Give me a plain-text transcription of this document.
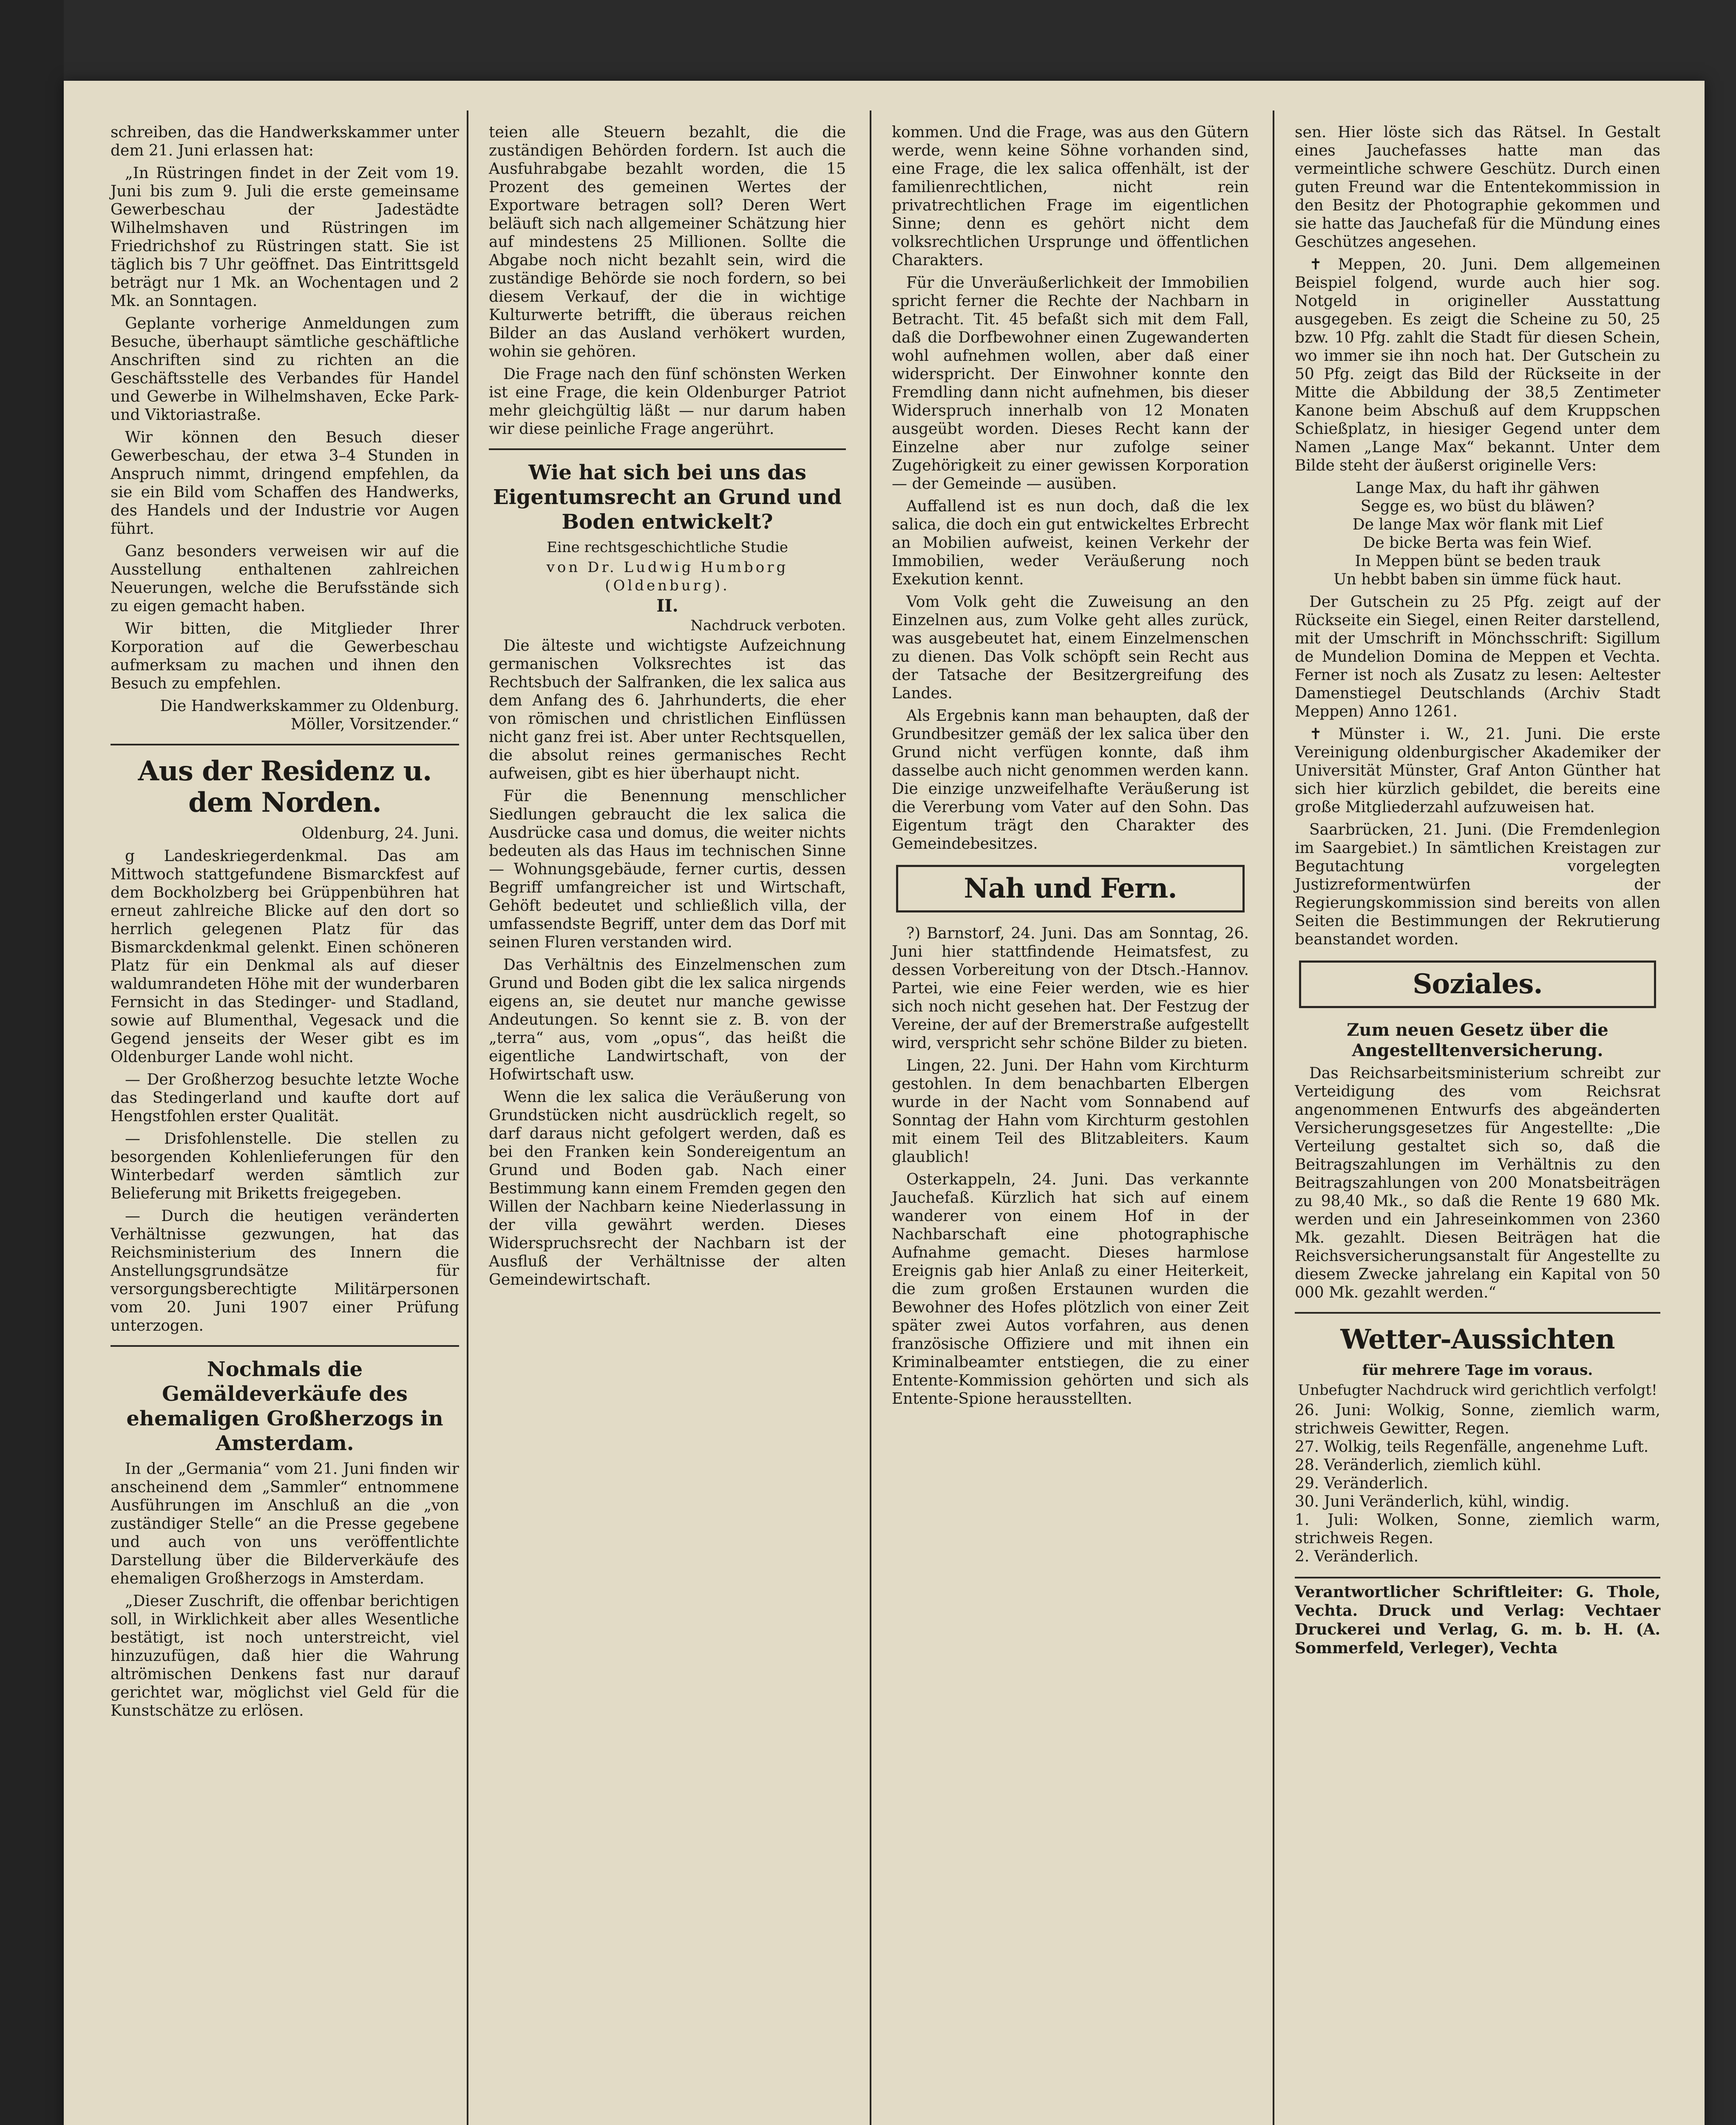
schreiben, das die Handwerkskammer unter dem 21. Juni erlassen hat:

„In Rüstringen findet in der Zeit vom 19. Juni bis zum 9. Juli die erste gemeinsame Gewerbeschau der Jadestädte Wilhelmshaven und Rüstringen im Friedrichshof zu Rüstringen statt. Sie ist täglich bis 7 Uhr geöffnet. Das Eintrittsgeld beträgt nur 1 Mk. an Wochentagen und 2 Mk. an Sonntagen.

Geplante vorherige Anmeldungen zum Besuche, überhaupt sämtliche geschäftliche Anschriften sind zu richten an die Geschäftsstelle des Verbandes für Handel und Gewerbe in Wilhelmshaven, Ecke Park- und Viktoriastraße.

Wir können den Besuch dieser Gewerbeschau, der etwa 3–4 Stunden in Anspruch nimmt, dringend empfehlen, da sie ein Bild vom Schaffen des Handwerks, des Handels und der Industrie vor Augen führt.

Ganz besonders verweisen wir auf die Ausstellung enthaltenen zahlreichen Neuerungen, welche die Berufsstände sich zu eigen gemacht haben.

Wir bitten, die Mitglieder Ihrer Korporation auf die Gewerbeschau aufmerksam zu machen und ihnen den Besuch zu empfehlen.

Die Handwerkskammer zu Oldenburg. Möller, Vorsitzender.“

Aus der Residenz u. dem Norden.

Oldenburg, 24. Juni.

g Landeskriegerdenkmal. Das am Mittwoch stattgefundene Bismarckfest auf dem Bockholzberg bei Grüppenbühren hat erneut zahlreiche Blicke auf den dort so herrlich gelegenen Platz für das Bismarckdenkmal gelenkt. Einen schöneren Platz für ein Denkmal als auf dieser waldumrandeten Höhe mit der wunderbaren Fernsicht in das Stedinger- und Stadland, sowie auf Blumenthal, Vegesack und die Gegend jenseits der Weser gibt es im Oldenburger Lande wohl nicht.

— Der Großherzog besuchte letzte Woche das Stedingerland und kaufte dort auf Hengstfohlen erster Qualität.

— Drisfohlenstelle. Die stellen zu besorgenden Kohlenlieferungen für den Winterbedarf werden sämtlich zur Belieferung mit Briketts freigegeben.

— Durch die heutigen veränderten Verhältnisse gezwungen, hat das Reichsministerium des Innern die Anstellungsgrundsätze für versorgungsberechtigte Militärpersonen vom 20. Juni 1907 einer Prüfung unterzogen.

Nochmals die Gemäldeverkäufe des ehemaligen Großherzogs in Amsterdam.

In der „Germania“ vom 21. Juni finden wir anscheinend dem „Sammler“ entnommene Ausführungen im Anschluß an die „von zuständiger Stelle“ an die Presse gegebene und auch von uns veröffentlichte Darstellung über die Bilderverkäufe des ehemaligen Großherzogs in Amsterdam.

„Dieser Zuschrift, die offenbar berichtigen soll, in Wirklichkeit aber alles Wesentliche bestätigt, ist noch unterstreicht, viel hinzuzufügen, daß hier die Wahrung altrömischen Denkens fast nur darauf gerichtet war, möglichst viel Geld für die Kunstschätze zu erlösen.

teien alle Steuern bezahlt, die die zuständigen Behörden fordern. Ist auch die Ausfuhrabgabe bezahlt worden, die 15 Prozent des gemeinen Wertes der Exportware betragen soll? Deren Wert beläuft sich nach allgemeiner Schätzung hier auf mindestens 25 Millionen. Sollte die Abgabe noch nicht bezahlt sein, wird die zuständige Behörde sie noch fordern, so bei diesem Verkauf, der die in wichtige Kulturwerte betrifft, die überaus reichen Bilder an das Ausland verhökert wurden, wohin sie gehören.

Die Frage nach den fünf schönsten Werken ist eine Frage, die kein Oldenburger Patriot mehr gleichgültig läßt — nur darum haben wir diese peinliche Frage angerührt.

Wie hat sich bei uns das Eigentumsrecht an Grund und Boden entwickelt?
Eine rechtsgeschichtliche Studie
von Dr. Ludwig Humborg (Oldenburg).
II.
Nachdruck verboten.

Die älteste und wichtigste Aufzeichnung germanischen Volksrechtes ist das Rechtsbuch der Salfranken, die lex salica aus dem Anfang des 6. Jahrhunderts, die eher von römischen und christlichen Einflüssen nicht ganz frei ist. Aber unter Rechtsquellen, die absolut reines germanisches Recht aufweisen, gibt es hier überhaupt nicht.

Für die Benennung menschlicher Siedlungen gebraucht die lex salica die Ausdrücke casa und domus, die weiter nichts bedeuten als das Haus im technischen Sinne — Wohnungsgebäude, ferner curtis, dessen Begriff umfangreicher ist und Wirtschaft, Gehöft bedeutet und schließlich villa, der umfassendste Begriff, unter dem das Dorf mit seinen Fluren verstanden wird.

Das Verhältnis des Einzelmenschen zum Grund und Boden gibt die lex salica nirgends eigens an, sie deutet nur manche gewisse Andeutungen. So kennt sie z. B. von der „terra“ aus, vom „opus“, das heißt die eigentliche Landwirtschaft, von der Hofwirtschaft usw.

Wenn die lex salica die Veräußerung von Grundstücken nicht ausdrücklich regelt, so darf daraus nicht gefolgert werden, daß es bei den Franken kein Sondereigentum an Grund und Boden gab. Nach einer Bestimmung kann einem Fremden gegen den Willen der Nachbarn keine Niederlassung in der villa gewährt werden. Dieses Widerspruchsrecht der Nachbarn ist der Ausfluß der Verhältnisse der alten Gemeindewirtschaft.

kommen. Und die Frage, was aus den Gütern werde, wenn keine Söhne vorhanden sind, eine Frage, die lex salica offenhält, ist der familienrechtlichen, nicht rein privatrechtlichen Frage im eigentlichen Sinne; denn es gehört nicht dem volksrechtlichen Ursprunge und öffentlichen Charakters.

Für die Unveräußerlichkeit der Immobilien spricht ferner die Rechte der Nachbarn in Betracht. Tit. 45 befaßt sich mit dem Fall, daß die Dorfbewohner einen Zugewanderten wohl aufnehmen wollen, aber daß einer widerspricht. Der Einwohner konnte den Fremdling dann nicht aufnehmen, bis dieser Widerspruch innerhalb von 12 Monaten ausgeübt worden. Dieses Recht kann der Einzelne aber nur zufolge seiner Zugehörigkeit zu einer gewissen Korporation — der Gemeinde — ausüben.

Auffallend ist es nun doch, daß die lex salica, die doch ein gut entwickeltes Erbrecht an Mobilien aufweist, keinen Verkehr der Immobilien, weder Veräußerung noch Exekution kennt.

Vom Volk geht die Zuweisung an den Einzelnen aus, zum Volke geht alles zurück, was ausgebeutet hat, einem Einzelmenschen zu dienen. Das Volk schöpft sein Recht aus der Tatsache der Besitzergreifung des Landes.

Als Ergebnis kann man behaupten, daß der Grundbesitzer gemäß der lex salica über den Grund nicht verfügen konnte, daß ihm dasselbe auch nicht genommen werden kann. Die einzige unzweifelhafte Veräußerung ist die Vererbung vom Vater auf den Sohn. Das Eigentum trägt den Charakter des Gemeindebesitzes.

Nah und Fern.

?) Barnstorf, 24. Juni. Das am Sonntag, 26. Juni hier stattfindende Heimatsfest, zu dessen Vorbereitung von der Dtsch.-Hannov. Partei, wie eine Feier werden, wie es hier sich noch nicht gesehen hat. Der Festzug der Vereine, der auf der Bremerstraße aufgestellt wird, verspricht sehr schöne Bilder zu bieten.

Lingen, 22. Juni. Der Hahn vom Kirchturm gestohlen. In dem benachbarten Elbergen wurde in der Nacht vom Sonnabend auf Sonntag der Hahn vom Kirchturm gestohlen mit einem Teil des Blitzableiters. Kaum glaublich!

Osterkappeln, 24. Juni. Das verkannte Jauchefaß. Kürzlich hat sich auf einem wanderer von einem Hof in der Nachbarschaft eine photographische Aufnahme gemacht. Dieses harmlose Ereignis gab hier Anlaß zu einer Heiterkeit, die zum großen Erstaunen wurden die Bewohner des Hofes plötzlich von einer Zeit später zwei Autos vorfahren, aus denen französische Offiziere und mit ihnen ein Kriminalbeamter entstiegen, die zu einer Entente-Kommission gehörten und sich als Entente-Spione herausstellten.

sen. Hier löste sich das Rätsel. In Gestalt eines Jauchefasses hatte man das vermeintliche schwere Geschütz. Durch einen guten Freund war die Ententekommission in den Besitz der Photographie gekommen und sie hatte das Jauchefaß für die Mündung eines Geschützes angesehen.

✝ Meppen, 20. Juni. Dem allgemeinen Beispiel folgend, wurde auch hier sog. Notgeld in origineller Ausstattung ausgegeben. Es zeigt die Scheine zu 50, 25 bzw. 10 Pfg. zahlt die Stadt für diesen Schein, wo immer sie ihn noch hat. Der Gutschein zu 50 Pfg. zeigt das Bild der Rückseite in der Mitte die Abbildung der 38,5 Zentimeter Kanone beim Abschuß auf dem Kruppschen Schießplatz, in hiesiger Gegend unter dem Namen „Lange Max“ bekannt. Unter dem Bilde steht der äußerst originelle Vers:

Lange Max, du haft ihr gähwen

Segge es, wo büst du bläwen?

De lange Max wör flank mit Lief

De bicke Berta was fein Wief.

In Meppen bünt se beden trauk

Un hebbt baben sin ümme fück haut.

Der Gutschein zu 25 Pfg. zeigt auf der Rückseite ein Siegel, einen Reiter darstellend, mit der Umschrift in Mönchsschrift: Sigillum de Mundelion Domina de Meppen et Vechta. Ferner ist noch als Zusatz zu lesen: Aeltester Damenstiegel Deutschlands (Archiv Stadt Meppen) Anno 1261.

✝ Münster i. W., 21. Juni. Die erste Vereinigung oldenburgischer Akademiker der Universität Münster, Graf Anton Günther hat sich hier kürzlich gebildet, die bereits eine große Mitgliederzahl aufzuweisen hat.

Saarbrücken, 21. Juni. (Die Fremdenlegion im Saargebiet.) In sämtlichen Kreistagen zur Begutachtung vorgelegten Justizreformentwürfen der Regierungskommission sind bereits von allen Seiten die Bestimmungen der Rekrutierung beanstandet worden.

Soziales.
Zum neuen Gesetz über die Angestelltenversicherung.

Das Reichsarbeitsministerium schreibt zur Verteidigung des vom Reichsrat angenommenen Entwurfs des abgeänderten Versicherungsgesetzes für Angestellte: „Die Verteilung gestaltet sich so, daß die Beitragszahlungen im Verhältnis zu den Beitragszahlungen von 200 Monatsbeiträgen zu 98,40 Mk., so daß die Rente 19 680 Mk. werden und ein Jahreseinkommen von 2360 Mk. gezahlt. Diesen Beiträgen hat die Reichsversicherungsanstalt für Angestellte zu diesem Zwecke jahrelang ein Kapital von 50 000 Mk. gezahlt werden.“

Wetter-Aussichten
für mehrere Tage im voraus.
Unbefugter Nachdruck wird gerichtlich verfolgt!

26. Juni: Wolkig, Sonne, ziemlich warm, strichweis Gewitter, Regen.

27. Wolkig, teils Regenfälle, angenehme Luft.

28. Veränderlich, ziemlich kühl.

29. Veränderlich.

30. Juni Veränderlich, kühl, windig.

1. Juli: Wolken, Sonne, ziemlich warm, strichweis Regen.

2. Veränderlich.

Verantwortlicher Schriftleiter: G. Thole, Vechta. Druck und Verlag: Vechtaer Druckerei und Verlag, G. m. b. H. (A. Sommerfeld, Verleger), Vechta
